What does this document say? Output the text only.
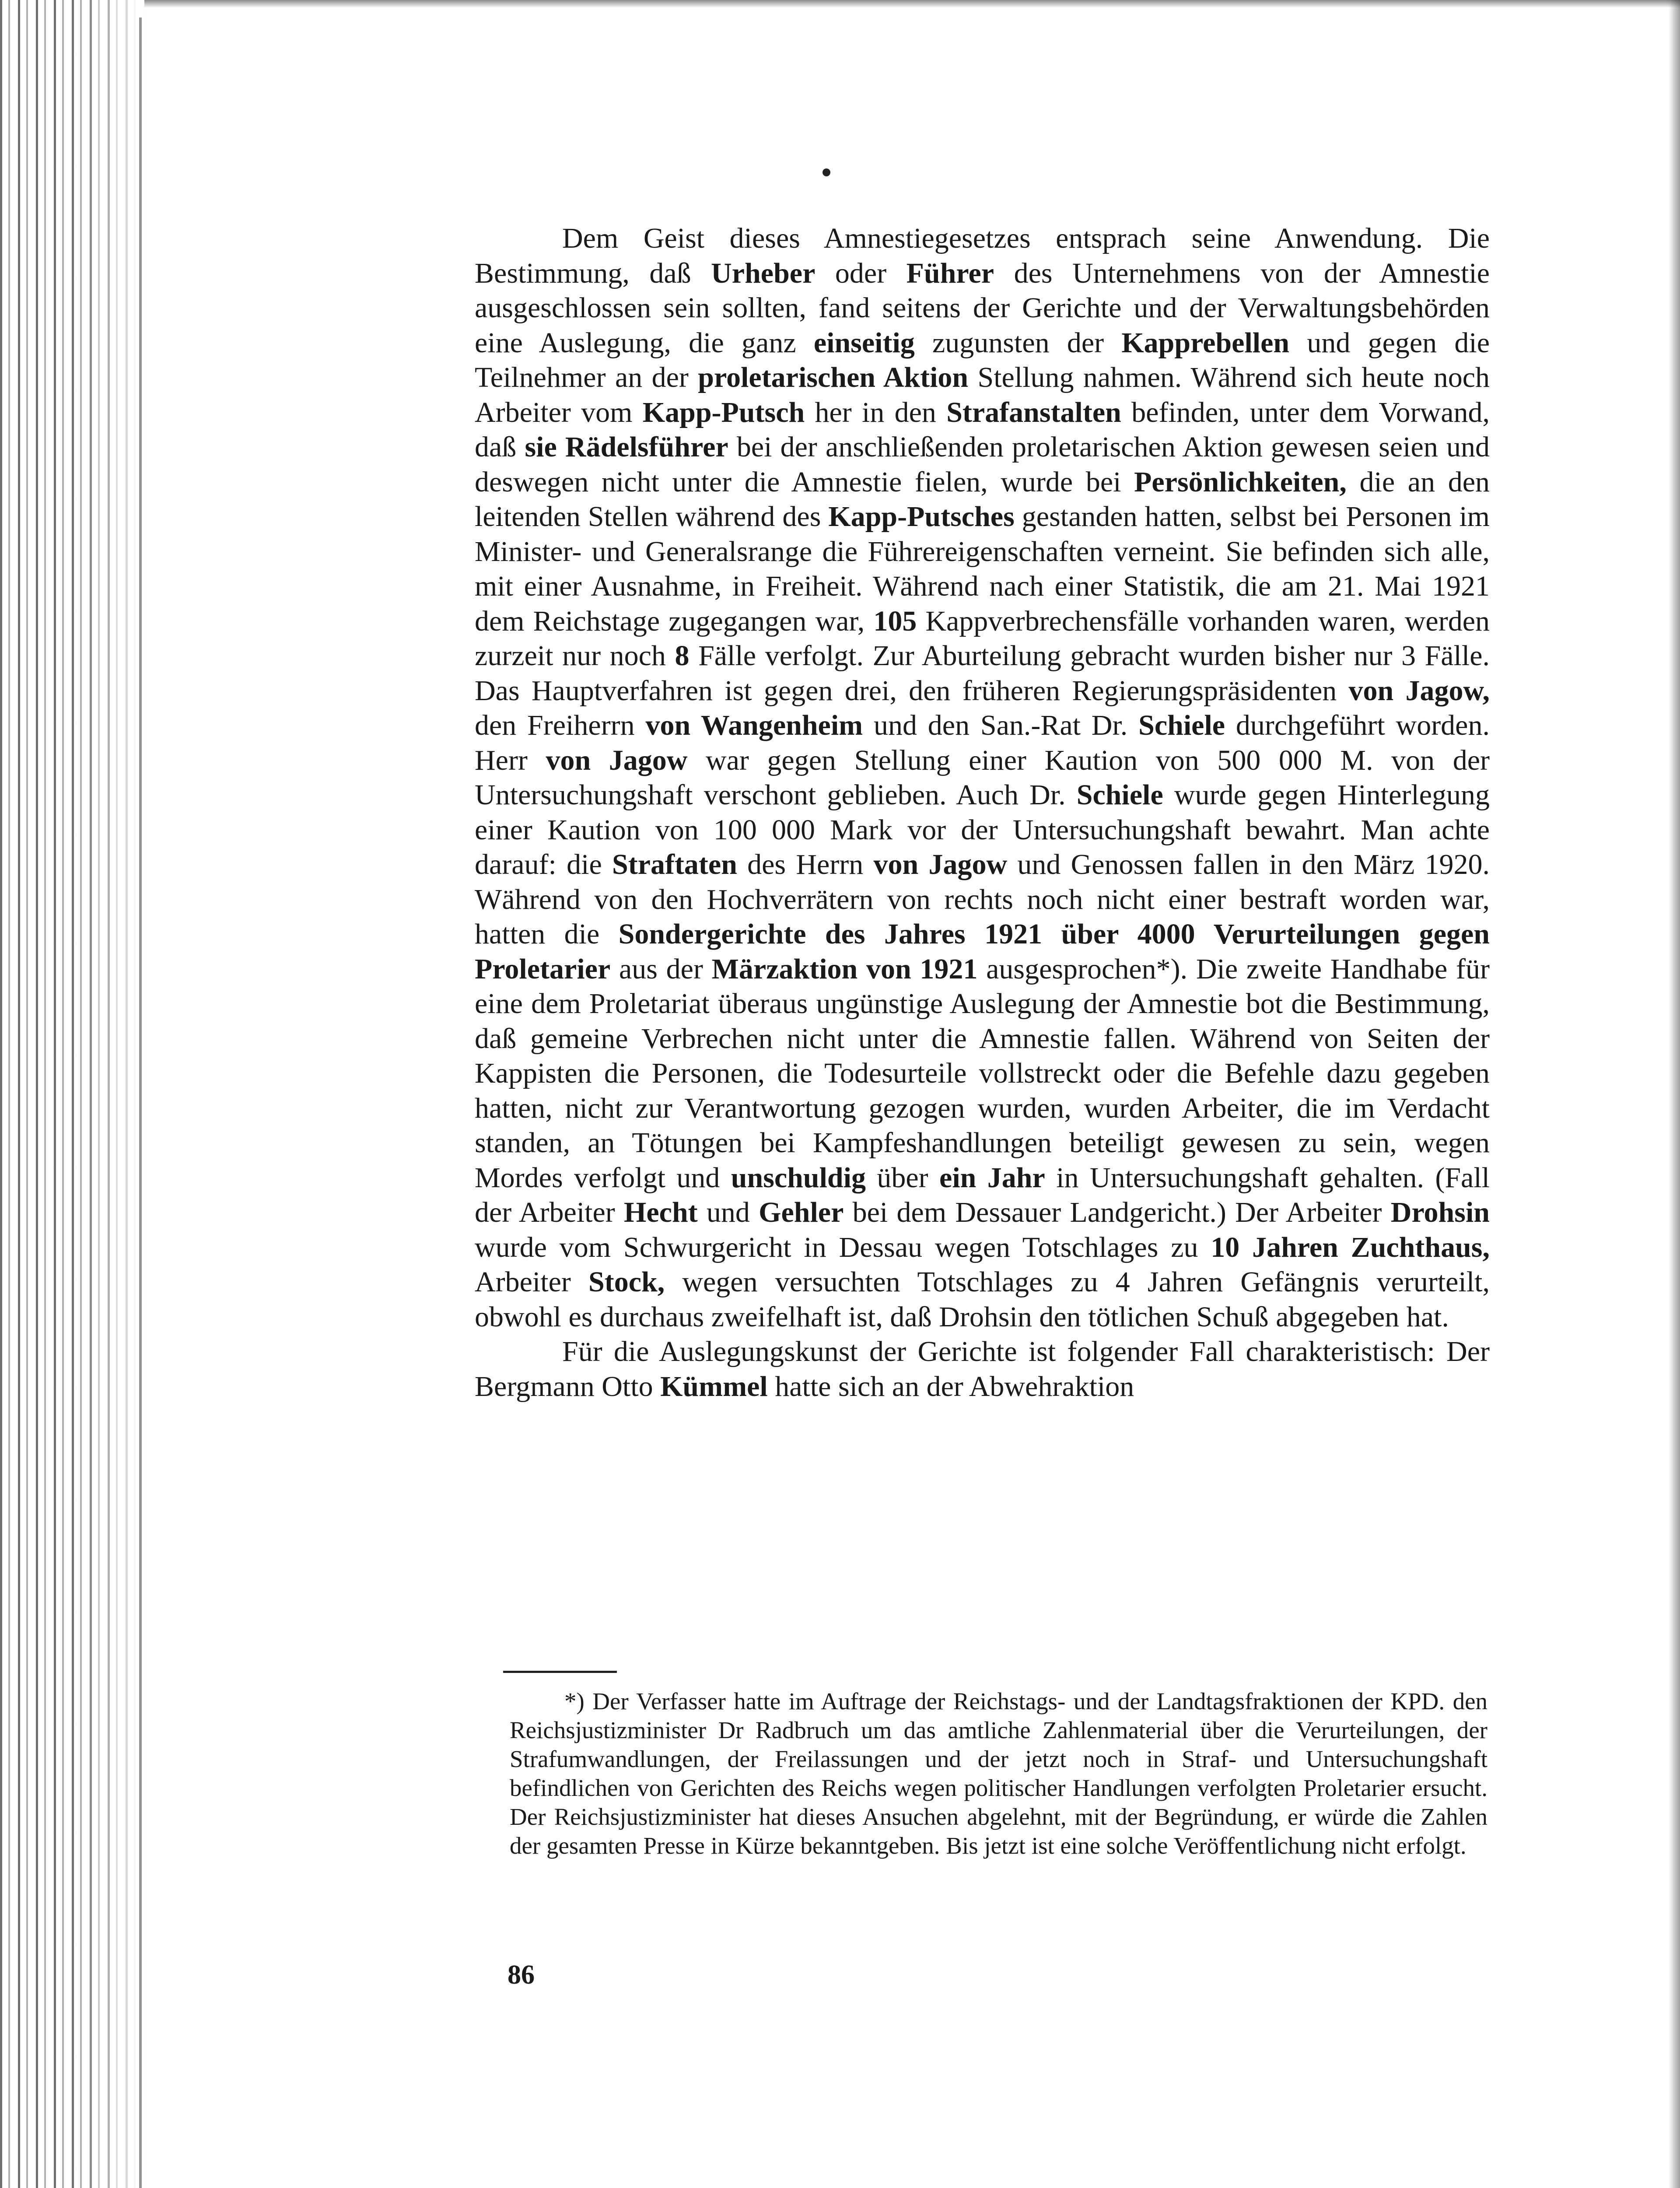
Dem Geist dieses Amnestiegesetzes entsprach seine Anwendung. Die Bestimmung, daß Urheber oder Führer des Unternehmens von der Amnestie ausgeschlossen sein sollten, fand seitens der Gerichte und der Verwaltungsbehörden eine Auslegung, die ganz einseitig zugunsten der Kapprebellen und gegen die Teilnehmer an der proletarischen Aktion Stellung nahmen. Während sich heute noch Arbeiter vom Kapp-Putsch her in den Strafanstalten befinden, unter dem Vorwand, daß sie Rädelsführer bei der anschließenden proletarischen Aktion gewesen seien und deswegen nicht unter die Amnestie fielen, wurde bei Persönlichkeiten, die an den leitenden Stellen während des Kapp-Putsches gestanden hatten, selbst bei Personen im Minister- und Generalsrange die Führereigenschaften verneint. Sie befinden sich alle, mit einer Ausnahme, in Freiheit. Während nach einer Statistik, die am 21. Mai 1921 dem Reichstage zugegangen war, 105 Kappverbrechensfälle vorhanden waren, werden zurzeit nur noch 8 Fälle verfolgt. Zur Aburteilung gebracht wurden bisher nur 3 Fälle. Das Hauptverfahren ist gegen drei, den früheren Regierungspräsidenten von Jagow, den Freiherrn von Wangenheim und den San.-Rat Dr. Schiele durchgeführt worden. Herr von Jagow war gegen Stellung einer Kaution von 500 000 M. von der Untersuchungshaft verschont geblieben. Auch Dr. Schiele wurde gegen Hinterlegung einer Kaution von 100 000 Mark vor der Untersuchungshaft bewahrt. Man achte darauf: die Straftaten des Herrn von Jagow und Genossen fallen in den März 1920. Während von den Hochverrätern von rechts noch nicht einer bestraft worden war, hatten die Sondergerichte des Jahres 1921 über 4000 Verurteilungen gegen Proletarier aus der Märzaktion von 1921 ausgesprochen*). Die zweite Handhabe für eine dem Proletariat überaus ungünstige Auslegung der Amnestie bot die Bestimmung, daß gemeine Verbrechen nicht unter die Amnestie fallen. Während von Seiten der Kappisten die Personen, die Todesurteile vollstreckt oder die Befehle dazu gegeben hatten, nicht zur Verantwortung gezogen wurden, wurden Arbeiter, die im Verdacht standen, an Tötungen bei Kampfeshandlungen beteiligt gewesen zu sein, wegen Mordes verfolgt und unschuldig über ein Jahr in Untersuchungshaft gehalten. (Fall der Arbeiter Hecht und Gehler bei dem Dessauer Landgericht.) Der Arbeiter Drohsin wurde vom Schwurgericht in Dessau wegen Totschlages zu 10 Jahren Zuchthaus, Arbeiter Stock, wegen versuchten Totschlages zu 4 Jahren Gefängnis verurteilt, obwohl es durchaus zweifelhaft ist, daß Drohsin den tötlichen Schuß abgegeben hat.

Für die Auslegungskunst der Gerichte ist folgender Fall charakteristisch: Der Bergmann Otto Kümmel hatte sich an der Abwehraktion

*) Der Verfasser hatte im Auftrage der Reichstags- und der Landtagsfraktionen der KPD. den Reichsjustizminister Dr Radbruch um das amtliche Zahlenmaterial über die Verurteilungen, der Strafumwandlungen, der Freilassungen und der jetzt noch in Straf- und Untersuchungshaft befindlichen von Gerichten des Reichs wegen politischer Handlungen verfolgten Proletarier ersucht. Der Reichsjustizminister hat dieses Ansuchen abgelehnt, mit der Begründung, er würde die Zahlen der gesamten Presse in Kürze bekanntgeben. Bis jetzt ist eine solche Veröffentlichung nicht erfolgt.

86
